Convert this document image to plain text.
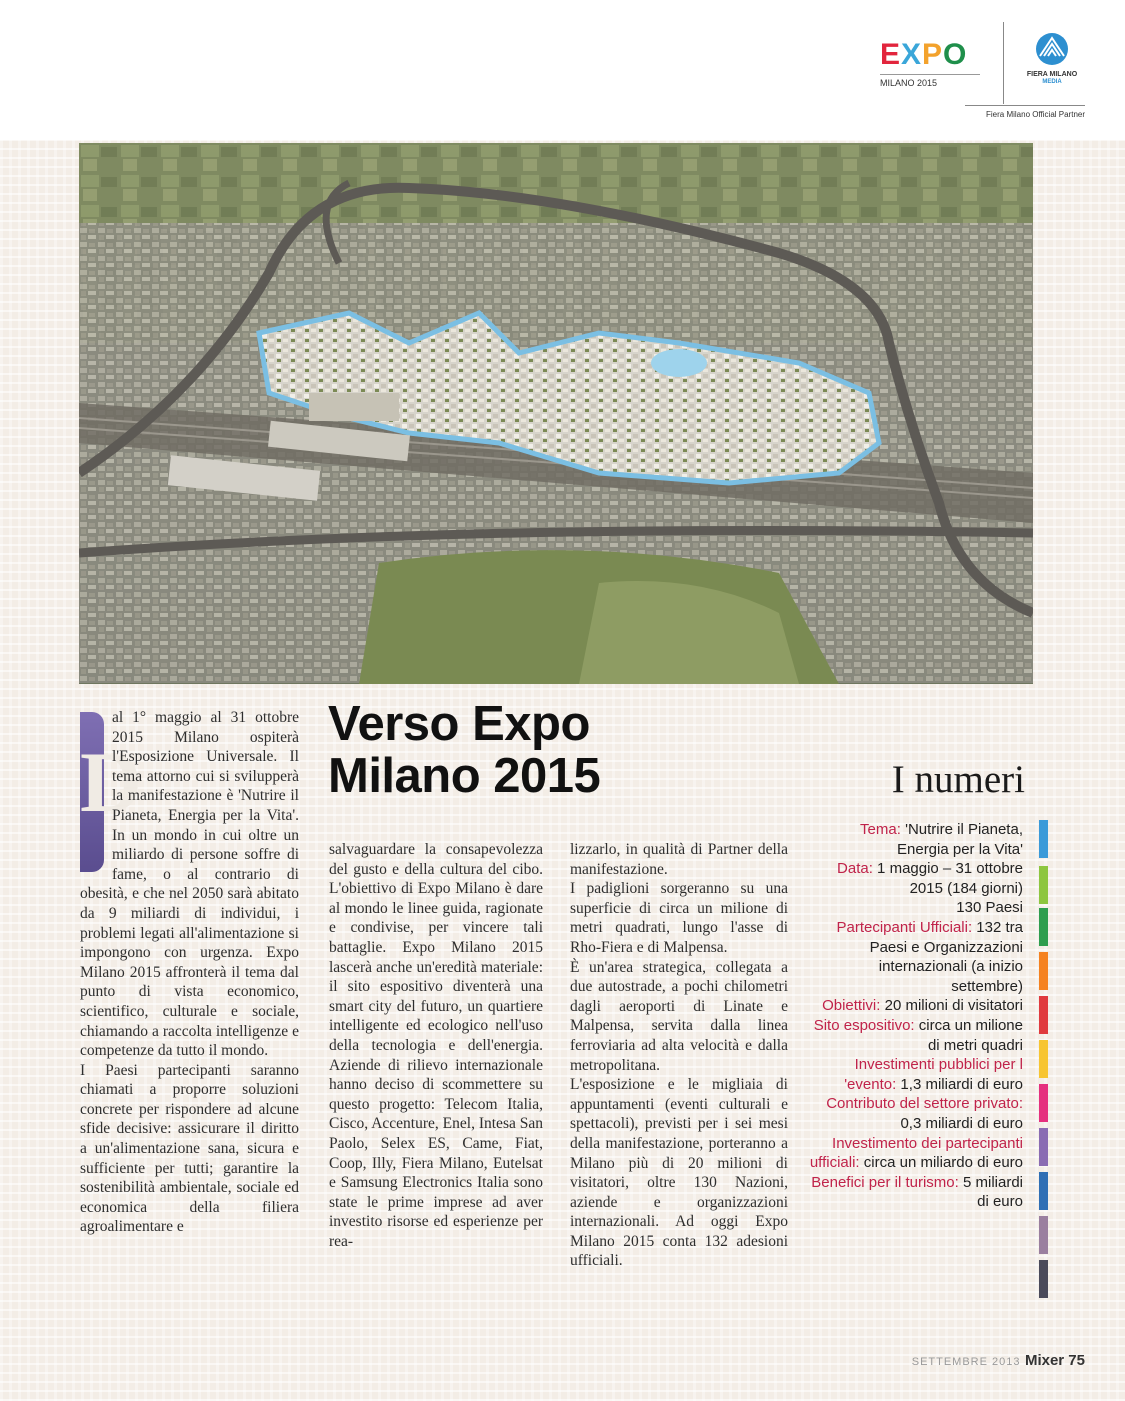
E X P O
MILANO 2015
FIERA MILANO
MEDIA
Fiera Milano Official Partner
Verso Expo Milano 2015
D

al 1° maggio al 31 ottobre 2015 Milano ospiterà l'Esposizione Universale. Il tema attorno cui si svilupperà la manifestazione è 'Nutrire il Pianeta, Energia per la Vita'. In un mondo in cui oltre un miliardo di persone soffre di fame, o al contrario di obesità, e che nel 2050 sarà abitato da 9 miliardi di individui, i problemi legati all'alimentazione si impongono con urgenza. Expo Milano 2015 affronterà il tema dal punto di vista economico, scientifico, culturale e sociale, chiamando a raccolta intelligenze e competenze da tutto il mondo.

I Paesi partecipanti saranno chiamati a proporre soluzioni concrete per rispondere ad alcune sfide decisive: assicurare il diritto a un'alimentazione sana, sicura e sufficiente per tutti; garantire la sostenibilità ambientale, sociale ed economica della filiera agroalimentare e

salvaguardare la consapevolezza del gusto e della cultura del cibo. L'obiettivo di Expo Milano è dare al mondo le linee guida, ragionate e condivise, per vincere tali battaglie. Expo Milano 2015 lascerà anche un'eredità materiale: il sito espositivo diventerà una smart city del futuro, un quartiere intelligente ed ecologico nell'uso della tecnologia e dell'energia. Aziende di rilievo internazionale hanno deciso di scommettere su questo progetto: Telecom Italia, Cisco, Accenture, Enel, Intesa San Paolo, Selex ES, Came, Fiat, Coop, Illy, Fiera Milano, Eutelsat e Samsung Electronics Italia sono state le prime imprese ad aver investito risorse ed esperienze per rea-

lizzarlo, in qualità di Partner della manifestazione.

I padiglioni sorgeranno su una superficie di circa un milione di metri quadrati, lungo l'asse di Rho-Fiera e di Malpensa.

È un'area strategica, collegata a due autostrade, a pochi chilometri dagli aeroporti di Linate e Malpensa, servita dalla linea ferroviaria ad alta velocità e dalla metropolitana.

L'esposizione e le migliaia di appuntamenti (eventi culturali e spettacoli), previsti per i sei mesi della manifestazione, porteranno a Milano più di 20 milioni di visitatori, oltre 130 Nazioni, aziende e organizzazioni internazionali. Ad oggi Expo Milano 2015 conta 132 adesioni ufficiali.

I numeri

Tema: 'Nutrire il Pianeta, Energia per la Vita'

Data: 1 maggio – 31 ottobre 2015 (184 giorni)

130 Paesi

Partecipanti Ufficiali: 132 tra Paesi e Organizzazioni internazionali (a inizio settembre)

Obiettivi: 20 milioni di visitatori

Sito espositivo: circa un milione di metri quadri

Investimenti pubblici per l 'evento: 1,3 miliardi di euro

Contributo del settore privato: 0,3 miliardi di euro

Investimento dei partecipanti ufficiali: circa un miliardo di euro

Benefici per il turismo: 5 miliardi di euro

SETTEMBRE 2013 Mixer 75
